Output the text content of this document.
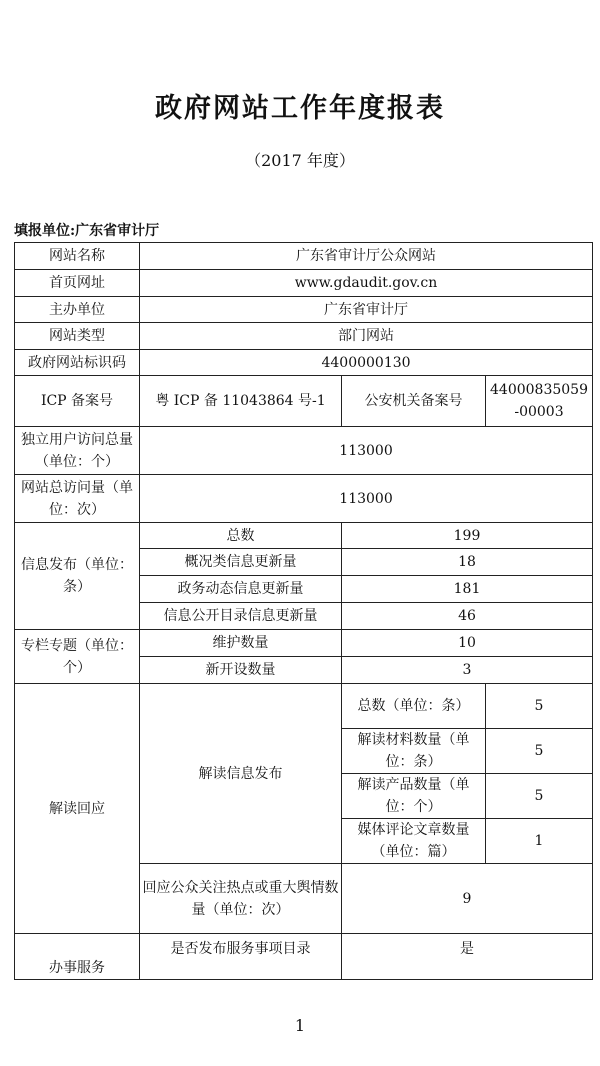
政府网站工作年度报表
（2017 年度）
填报单位:广东省审计厅
网站名称	广东省审计厅公众网站		
首页网址	www.gdaudit.gov.cn		
主办单位	广东省审计厅		
网站类型	部门网站		
政府网站标识码	4400000130		
ICP 备案号	粤 ICP 备 11043864 号-1	公安机关备案号	44000835059-00003
独立用户访问总量（单位：个）	113000		
网站总访问量（单位：次）	113000		
信息发布（单位：条）	总数	199	
	概况类信息更新量	18	
	政务动态信息更新量	181	
	信息公开目录信息更新量	46	
专栏专题（单位：个）	维护数量	10	
	新开设数量	3	
解读回应	解读信息发布	总数（单位：条）	5
		解读材料数量（单位：条）	5
		解读产品数量（单位：个）	5
		媒体评论文章数量（单位：篇）	1
	回应公众关注热点或重大舆情数量（单位：次）	9	
办事服务	是否发布服务事项目录	是	
1
